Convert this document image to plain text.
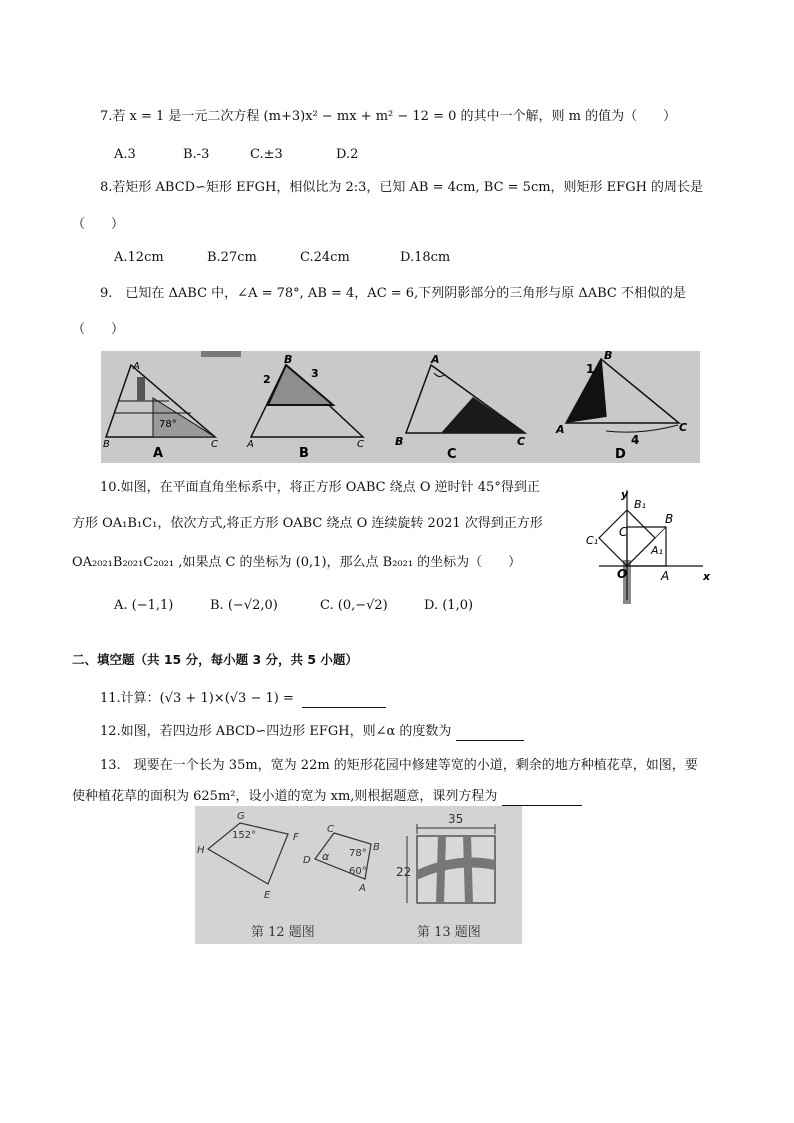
7.若 x = 1 是一元二次方程 (m+3)x² − mx + m² − 12 = 0 的其中一个解，则 m 的值为（　　）
A.3	B.-3	C.±3	D.2
8.若矩形 ABCD∽矩形 EFGH，相似比为 2:3，已知 AB = 4cm, BC = 5cm，则矩形 EFGH 的周长是
（　　）
A.12cm	B.27cm	C.24cm	D.18cm
9.　已知在 ΔABC 中，∠A = 78°, AB = 4，AC = 6,下列阴影部分的三角形与原 ΔABC 不相似的是
（　　）
A
B	C
78°
A
B
A	C
2	3
B
A
B	C
C
B
A	C
1
4
D
10.如图，在平面直角坐标系中，将正方形 OABC 绕点 O 逆时针 45°得到正
方形 OA₁B₁C₁，依次方式,将正方形 OABC 绕点 O 连续旋转 2021 次得到正方形
OA₂₀₂₁B₂₀₂₁C₂₀₂₁ ,如果点 C 的坐标为 (0,1)，那么点 B₂₀₂₁ 的坐标为（　　）
A. (−1,1)	B. (−√2,0)	C. (0,−√2)	D. (1,0)
y
x
O	A
B
C
A₁
B₁
C₁
二、填空题（共 15 分，每小题 3 分，共 5 小题）
11.计算：(√3 + 1)×(√3 − 1) =
12.如图，若四边形 ABCD∽四边形 EFGH，则∠α 的度数为
13.　现要在一个长为 35m，宽为 22m 的矩形花园中修建等宽的小道，剩余的地方种植花草，如图，要
使种植花草的面积为 625m²，设小道的宽为 xm,则根据题意，课列方程为
G
H
F
E
152°
C
B
D
A
α 78°
60°
第 12 题图
35
22
第 13 题图
